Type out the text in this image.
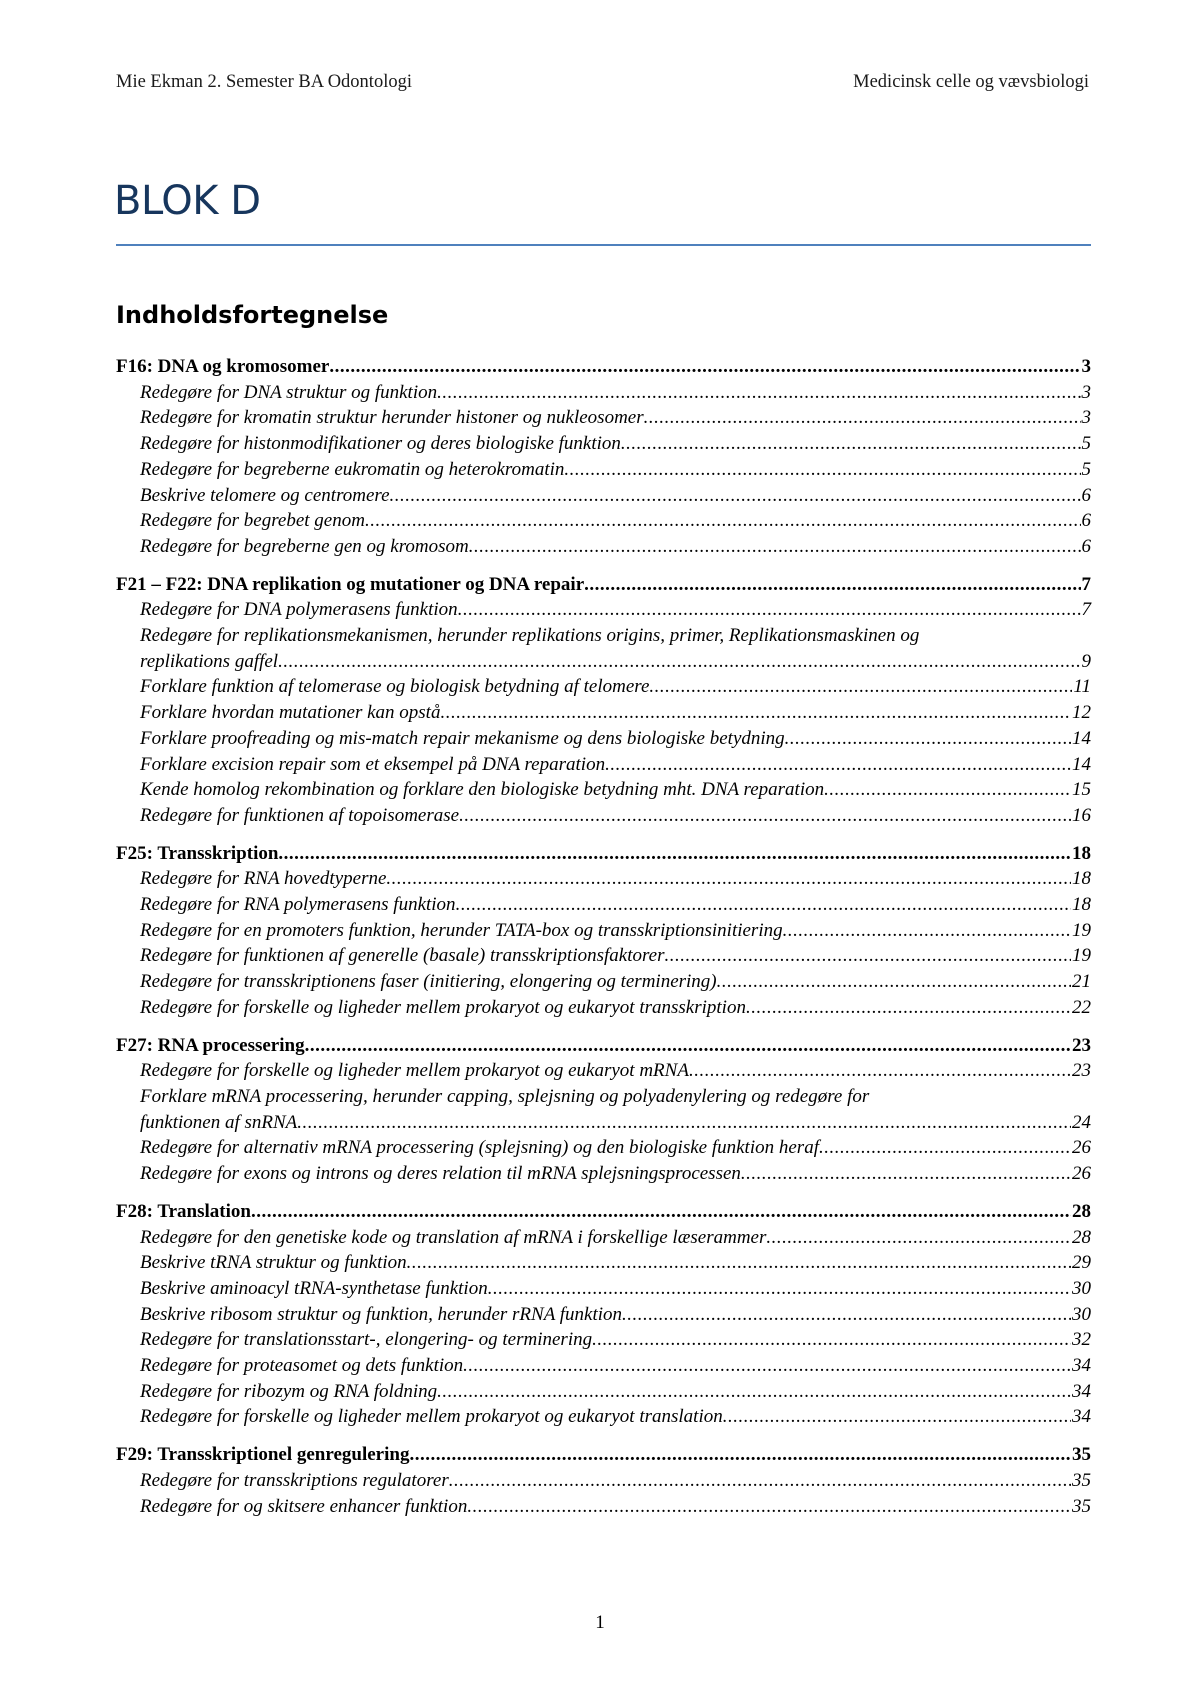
Mie Ekman 2. Semester BA Odontologi	Medicinsk celle og vævsbiologi
BLOK D
Indholdsfortegnelse
F16: DNA og kromosomer .....	3
Redegøre for DNA struktur og funktion .....	3
Redegøre for kromatin struktur herunder histoner og nukleosomer .....	3
Redegøre for histonmodifikationer og deres biologiske funktion .....	5
Redegøre for begreberne eukromatin og heterokromatin .....	5
Beskrive telomere og centromere .....	6
Redegøre for begrebet genom .....	6
Redegøre for begreberne gen og kromosom .....	6
F21 – F22: DNA replikation og mutationer og DNA repair .....	7
Redegøre for DNA polymerasens funktion .....	7
Redegøre for replikationsmekanismen, herunder replikations origins, primer, Replikationsmaskinen og
replikations gaffel .....	9
Forklare funktion af telomerase og biologisk betydning af telomere .....	11
Forklare hvordan mutationer kan opstå .....	12
Forklare proofreading og mis-match repair mekanisme og dens biologiske betydning .....	14
Forklare excision repair som et eksempel på DNA reparation .....	14
Kende homolog rekombination og forklare den biologiske betydning mht. DNA reparation .....	15
Redegøre for funktionen af topoisomerase .....	16
F25: Transskription .....	18
Redegøre for RNA hovedtyperne .....	18
Redegøre for RNA polymerasens funktion .....	18
Redegøre for en promoters funktion, herunder TATA-box og transskriptionsinitiering .....	19
Redegøre for funktionen af generelle (basale) transskriptionsfaktorer .....	19
Redegøre for transskriptionens faser (initiering, elongering og terminering) .....	21
Redegøre for forskelle og ligheder mellem prokaryot og eukaryot transskription .....	22
F27: RNA processering .....	23
Redegøre for forskelle og ligheder mellem prokaryot og eukaryot mRNA .....	23
Forklare mRNA processering, herunder capping, splejsning og polyadenylering og redegøre for
funktionen af snRNA .....	24
Redegøre for alternativ mRNA processering (splejsning) og den biologiske funktion heraf .....	26
Redegøre for exons og introns og deres relation til mRNA splejsningsprocessen .....	26
F28: Translation .....	28
Redegøre for den genetiske kode og translation af mRNA i forskellige læserammer .....	28
Beskrive tRNA struktur og funktion .....	29
Beskrive aminoacyl tRNA-synthetase funktion .....	30
Beskrive ribosom struktur og funktion, herunder rRNA funktion .....	30
Redegøre for translationsstart-, elongering- og terminering .....	32
Redegøre for proteasomet og dets funktion .....	34
Redegøre for ribozym og RNA foldning .....	34
Redegøre for forskelle og ligheder mellem prokaryot og eukaryot translation .....	34
F29: Transskriptionel genregulering .....	35
Redegøre for transskriptions regulatorer .....	35
Redegøre for og skitsere enhancer funktion .....	35
1
